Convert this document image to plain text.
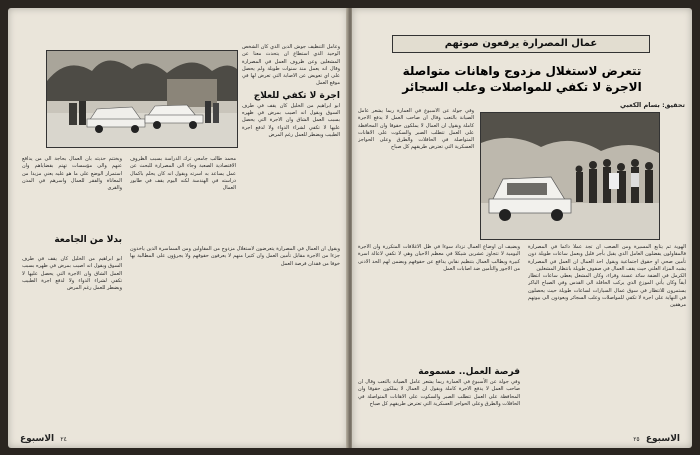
وعامل التنظيف جوش الدين الذي كان الشخص الوحيد الذي استطاع ان يتحدث معنا عن المشغلين وعن ظروف العمل في المصرارة وقال انه يعمل منذ سنوات طويلة ولم يحصل على اي تعويض عن الاصابة التي تعرض لها في موقع العمل
اجرة لا تكفي للعلاج
ابو ابراهيم من الخليل كان يقف في طرف السوق ويقول انه اصيب بمرض في ظهره بسبب العمل الشاق وان الاجرة التي يحصل عليها لا تكفي لشراء الدواء ولا لدفع اجرة الطبيب ويضطر للعمل رغم المرض
محمد طالب جامعي ترك الدراسة بسبب الظروف الاقتصادية الصعبة وجاء الى المصرارة للبحث عن عمل يساعد به اسرته ويقول انه كان يحلم باكمال دراسته في الهندسة لكنه اليوم يقف في طابور العمال
ويختتم حديثه بان العمال بحاجة الى من يدافع عنهم والى مؤسسات تهتم بقضاياهم وان استمرار الوضع على ما هو عليه يعني مزيدا من المعاناة والفقر للعمال واسرهم في المدن والقرى
بدلا من الجامعة
ويقول ان العمال في المصرارة يتعرضون لاستغلال مزدوج من المقاولين ومن السماسرة الذين يأخذون جزءا من الاجرة مقابل تأمين العمل وان كثيرا منهم لا يعرفون حقوقهم ولا يجرؤون على المطالبة بها خوفا من فقدان فرصة العمل
ابو ابراهيم من الخليل كان يقف في طرف السوق ويقول انه اصيب بمرض في ظهره بسبب العمل الشاق وان الاجرة التي يحصل عليها لا تكفي لشراء الدواء ولا لدفع اجرة الطبيب ويضطر للعمل رغم المرض
٢٤ الاسبوع
عمال المصرارة يرفعون صوتهم
تتعرض لاستغلال مزدوج واهانات متواصلة
الاجرة لا تكفي للمواصلات وعلب السجائر
تحقيق: بسام الكعبي
وفي جولة عن الأسبوع في العمارة ربما يشعر عامل الصيانة بالتعب وقال ان صاحب العمل لا يدفع الاجرة كاملة ويقول ان العمال لا يملكون حقوقا وان المحافظة على العمل تتطلب الصبر والسكوت على الاهانات المتواصلة في الحافلات والطرق وعلى الحواجز العسكرية التي تعترض طريقهم كل صباح
الهوية ثم يتابع المسيرة ومن الصعب ان تجد عملا دائما في المصرارة فالمقاولون يفضلون العامل الذي يقبل بأجر قليل ويعمل ساعات طويلة دون تأمين صحي او حقوق اجتماعية ويقول احد العمال ان العمل في المصرارة يشبه المزاد العلني حيث يقف العمال في صفوف طويلة بانتظار المشغلين
الكرمل في الضفة سائد عسنة وقراء، وكان المشغل يعطى ساعات انتظار أيقاً وكان يأتي الموزع الذي يركب الحافلة الى القدس وفي الصباح الباكر يستمرون للانتظار في سوق عمال السيارات لساعات طويلة حيث يحصلون في النهاية على اجرة لا تكفي للمواصلات وعلب السجائر ويعودون الى بيوتهم مرهقين
ويضيف ان اوضاع العمال تزداد سوءا في ظل الاغلاقات المتكررة وان الاجرة اليومية لا تتجاوز عشرين شيكلا في معظم الاحيان وهي لا تكفي لاعالة اسرة كبيرة ويطالب العمال بتنظيم نقابي يدافع عن حقوقهم ويضمن لهم الحد الادنى من الاجور والتأمين ضد اصابات العمل
فرصة العمل.. مسمومة
وفي جولة عن الأسبوع في العمارة ربما يشعر عامل الصيانة بالتعب وقال ان صاحب العمل لا يدفع الاجرة كاملة ويقول ان العمال لا يملكون حقوقا وان المحافظة على العمل تتطلب الصبر والسكوت على الاهانات المتواصلة في الحافلات والطرق وعلى الحواجز العسكرية التي تعترض طريقهم كل صباح
الاسبوع ٢٥
